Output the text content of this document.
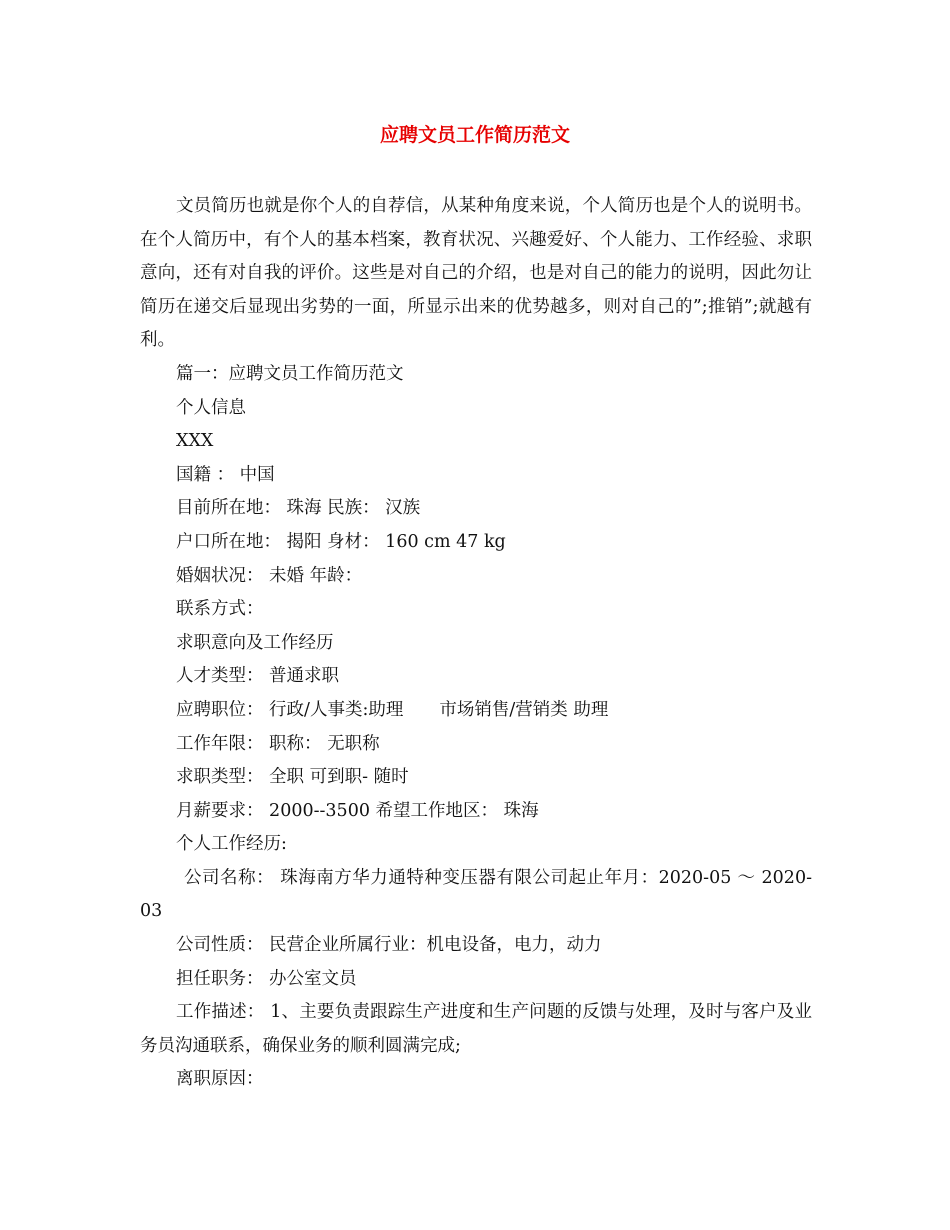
应聘文员工作简历范文

文员简历也就是你个人的自荐信，从某种角度来说，个人简历也是个人的说明书。在个人简历中，有个人的基本档案，教育状况、兴趣爱好、个人能力、工作经验、求职意向，还有对自我的评价。这些是对自己的介绍，也是对自己的能力的说明，因此勿让简历在递交后显现出劣势的一面，所显示出来的优势越多，则对自己的”;推销”;就越有利。

篇一：应聘文员工作简历范文

个人信息

XXX

国籍 ： 中国

目前所在地： 珠海 民族： 汉族

户口所在地： 揭阳 身材： 160 cm 47 kg

婚姻状况： 未婚 年龄：

联系方式：

求职意向及工作经历

人才类型： 普通求职

应聘职位： 行政/人事类:助理 市场销售/营销类 助理

工作年限： 职称： 无职称

求职类型： 全职 可到职- 随时

月薪要求： 2000--3500 希望工作地区： 珠海

个人工作经历:

公司名称： 珠海南方华力通特种变压器有限公司起止年月：2020-05 ～ 2020-03

公司性质： 民营企业所属行业：机电设备，电力，动力

担任职务： 办公室文员

工作描述： 1、主要负责跟踪生产进度和生产问题的反馈与处理，及时与客户及业务员沟通联系，确保业务的顺利圆满完成;

离职原因：
